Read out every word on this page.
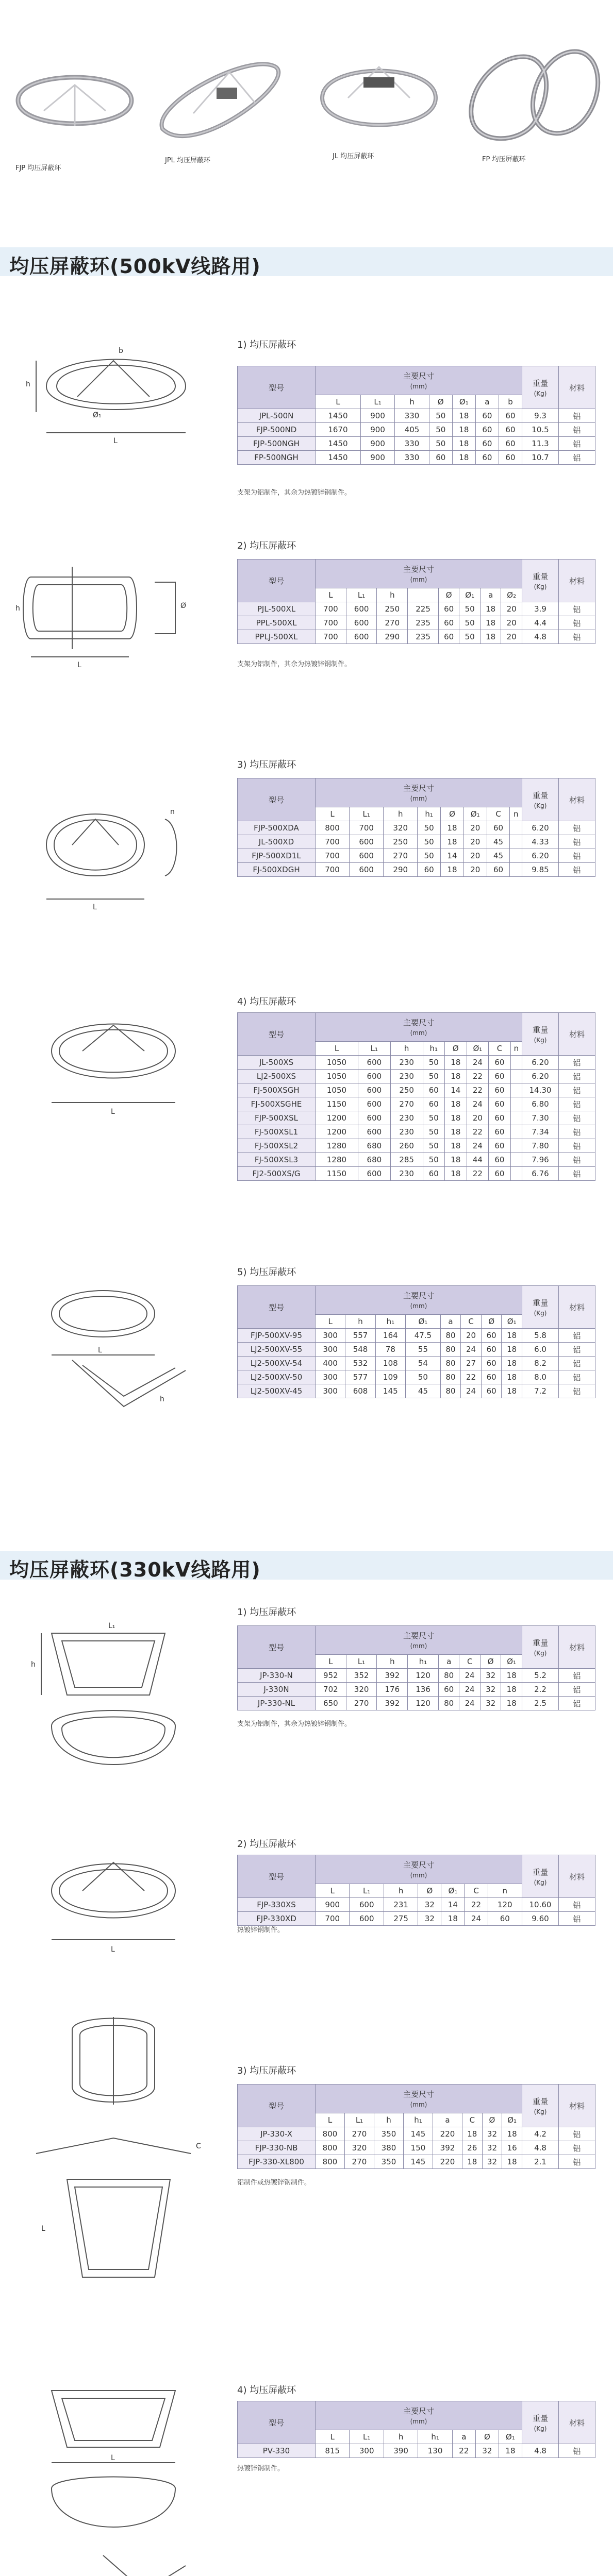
FJP 均压屏蔽环
JPL 均压屏蔽环
JL 均压屏蔽环	FP 均压屏蔽环
均压屏蔽环(500kV线路用)
h
L
b
Ø₁
1) 均压屏蔽环
型号	主要尺寸
(mm)							重量
(Kg)	材料
	L	L₁	h	Ø	Ø₁	a	b		
JPL-500N	1450	900	330	50	18	60	60	9.3	铝
FJP-500ND	1670	900	405	50	18	60	60	10.5	铝
FJP-500NGH	1450	900	330	50	18	60	60	11.3	铝
FP-500NGH	1450	900	330	60	18	60	60	10.7	铝
支架为铝制件，其余为热镀锌钢制件。
L
h	Ø
2) 均压屏蔽环
型号	主要尺寸
(mm)								重量
(Kg)	材料
	L	L₁	h		Ø	Ø₁	a	Ø₂		
PJL-500XL	700	600	250	225	60	50	18	20	3.9	铝
PPL-500XL	700	600	270	235	60	50	18	20	4.4	铝
PPLJ-500XL	700	600	290	235	60	50	18	20	4.8	铝
支架为铝制件，其余为热镀锌钢制件。
L
n
3) 均压屏蔽环
型号	主要尺寸
(mm)								重量
(Kg)	材料
	L	L₁	h	h₁	Ø	Ø₁	C	n		
FJP-500XDA	800	700	320	50	18	20	60		6.20	铝
JL-500XD	700	600	250	50	18	20	45		4.33	铝
FJP-500XD1L	700	600	270	50	14	20	45		6.20	铝
FJ-500XDGH	700	600	290	60	18	20	60		9.85	铝
L
4) 均压屏蔽环
型号	主要尺寸
(mm)								重量
(Kg)	材料
	L	L₁	h	h₁	Ø	Ø₁	C	n		
JL-500XS	1050	600	230	50	18	24	60		6.20	铝
LJ2-500XS	1050	600	230	50	18	22	60		6.20	铝
FJ-500XSGH	1050	600	250	60	14	22	60		14.30	铝
FJ-500XSGHE	1150	600	270	60	18	24	60		6.80	铝
FJP-500XSL	1200	600	230	50	18	20	60		7.30	铝
FJ-500XSL1	1200	600	230	50	18	22	60		7.34	铝
FJ-500XSL2	1280	680	260	50	18	24	60		7.80	铝
FJ-500XSL3	1280	680	285	50	18	44	60		7.96	铝
FJ2-500XS/G	1150	600	230	60	18	22	60		6.76	铝
L
h
5) 均压屏蔽环
型号	主要尺寸
(mm)								重量
(Kg)	材料
	L	h	h₁	Ø₁	a	C	Ø	Ø₁		
FJP-500XV-95	300	557	164	47.5	80	20	60	18	5.8	铝
LJ2-500XV-55	300	548	78	55	80	24	60	18	6.0	铝
LJ2-500XV-54	400	532	108	54	80	27	60	18	8.2	铝
LJ2-500XV-50	300	577	109	50	80	22	60	18	8.0	铝
LJ2-500XV-45	300	608	145	45	80	24	60	18	7.2	铝
均压屏蔽环(330kV线路用)
h
L₁
1) 均压屏蔽环
型号	主要尺寸
(mm)								重量
(Kg)	材料
	L	L₁	h	h₁	a	C	Ø	Ø₁		
JP-330-N	952	352	392	120	80	24	32	18	5.2	铝
J-330N	702	320	176	136	60	24	32	18	2.2	铝
JP-330-NL	650	270	392	120	80	24	32	18	2.5	铝
支架为铝制件，其余为热镀锌钢制件。
L
2) 均压屏蔽环
型号	主要尺寸
(mm)							重量
(Kg)	材料
	L	L₁	h	Ø	Ø₁	C	n		
FJP-330XS	900	600	231	32	14	22	120	10.60	铝
FJP-330XD	700	600	275	32	18	24	60	9.60	铝
热镀锌钢制件。
C
L
3) 均压屏蔽环
型号	主要尺寸
(mm)								重量
(Kg)	材料
	L	L₁	h	h₁	a	C	Ø	Ø₁		
JP-330-X	800	270	350	145	220	18	32	18	4.2	铝
FJP-330-NB	800	320	380	150	392	26	32	16	4.8	铝
FJP-330-XL800	800	270	350	145	220	18	32	18	2.1	铝
铝制件或热镀锌钢制件。
L
4) 均压屏蔽环
型号	主要尺寸
(mm)							重量
(Kg)	材料
	L	L₁	h	h₁	a	Ø	Ø₁		
PV-330	815	300	390	130	22	32	18	4.8	铝
热镀锌钢制件。
